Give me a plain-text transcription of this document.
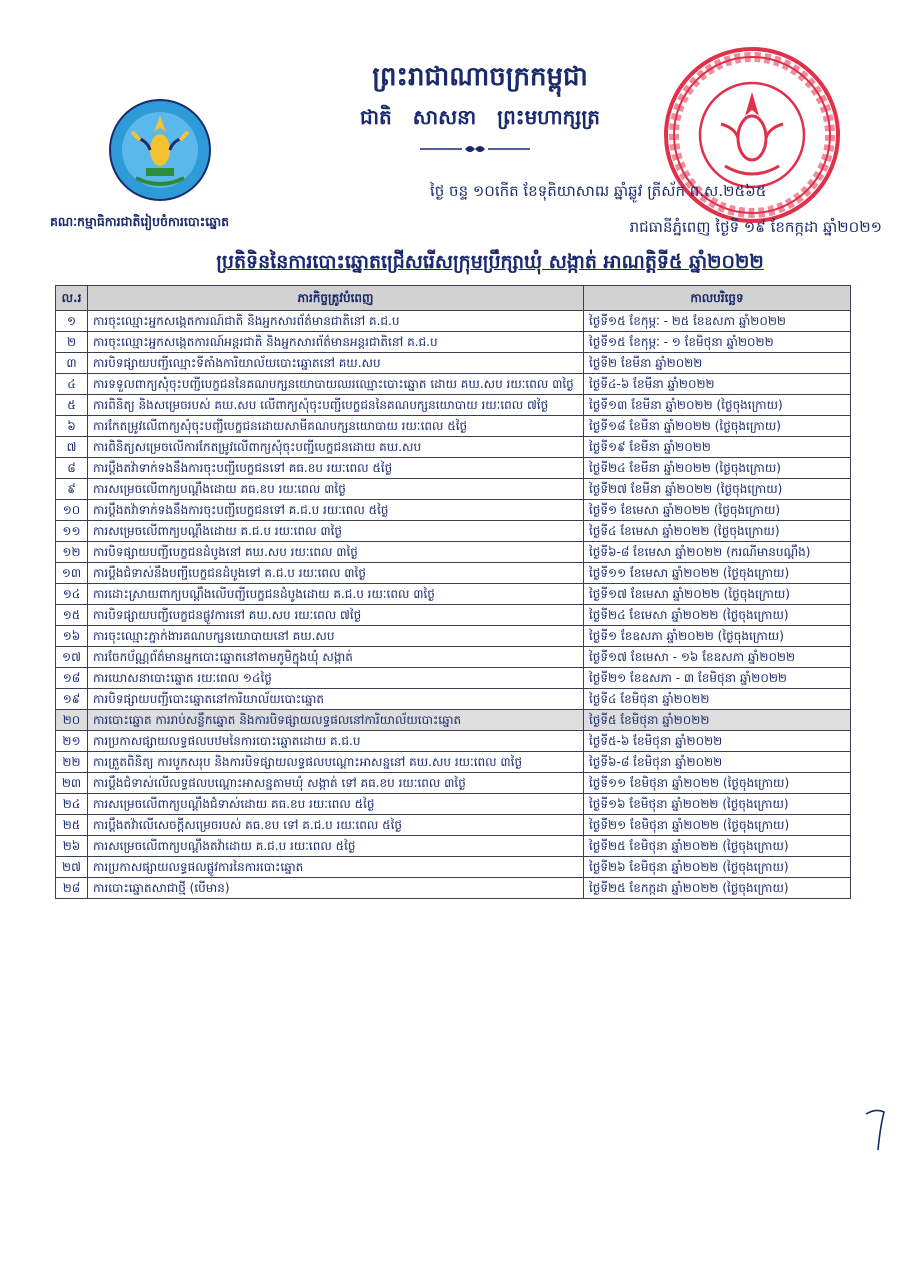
ព្រះរាជាណាចក្រកម្ពុជា
ជាតិ សាសនា ព្រះមហាក្សត្រ
គណៈកម្មាធិការជាតិរៀបចំការបោះឆ្នោត
ថ្ងៃ ចន្ទ ១០កើត ខែទុតិយាសាឍ ឆ្នាំឆ្លូវ ត្រីស័ក ព.ស.២៥៦៥
រាជធានីភ្នំពេញ ថ្ងៃទី ១៩ ខែកក្កដា ឆ្នាំ២០២១
ប្រតិទិននៃការបោះឆ្នោតជ្រើសរើសក្រុមប្រឹក្សាឃុំ សង្កាត់ អាណត្តិទី៥ ឆ្នាំ២០២២
ល.រ	ភារកិច្ចត្រូវបំពេញ	កាលបរិច្ឆេទ
១	ការចុះឈ្មោះអ្នកសង្កេតការណ៍ជាតិ និងអ្នកសារព័ត៌មានជាតិនៅ គ.ជ.ប	ថ្ងៃទី១៥ ខែកុម្ភៈ - ២៥ ខែឧសភា ឆ្នាំ២០២២
២	ការចុះឈ្មោះអ្នកសង្កេតការណ៍អន្តរជាតិ និងអ្នកសារព័ត៌មានអន្តរជាតិនៅ គ.ជ.ប	ថ្ងៃទី១៥ ខែកុម្ភៈ - ១ ខែមិថុនា ឆ្នាំ២០២២
៣	ការបិទផ្សាយបញ្ជីឈ្មោះទីតាំងការិយាល័យបោះឆ្នោតនៅ គឃ.សប	ថ្ងៃទី២ ខែមីនា ឆ្នាំ២០២២
៤	ការទទួលពាក្យសុំចុះបញ្ជីបេក្ខជននៃគណបក្សនយោបាយឈរឈ្មោះបោះឆ្នោត ដោយ គឃ.សប រយៈពេល ៣ថ្ងៃ	ថ្ងៃទី៤-៦ ខែមីនា ឆ្នាំ២០២២
៥	ការពិនិត្យ និងសម្រេចរបស់ គឃ.សប លើពាក្យសុំចុះបញ្ជីបេក្ខជននៃគណបក្សនយោបាយ រយៈពេល ៧ថ្ងៃ	ថ្ងៃទី១៣ ខែមីនា ឆ្នាំ២០២២ (ថ្ងៃចុងក្រោយ)
៦	ការកែតម្រូវលើពាក្យសុំចុះបញ្ជីបេក្ខជនដោយសាមីគណបក្សនយោបាយ រយៈពេល ៥ថ្ងៃ	ថ្ងៃទី១៨ ខែមីនា ឆ្នាំ២០២២ (ថ្ងៃចុងក្រោយ)
៧	ការពិនិត្យសម្រេចលើការកែតម្រូវលើពាក្យសុំចុះបញ្ជីបេក្ខជនដោយ គឃ.សប	ថ្ងៃទី១៩ ខែមីនា ឆ្នាំ២០២២
៨	ការប្តឹងតវ៉ាទាក់ទងនឹងការចុះបញ្ជីបេក្ខជនទៅ គធ.ខប រយៈពេល ៥ថ្ងៃ	ថ្ងៃទី២៤ ខែមីនា ឆ្នាំ២០២២ (ថ្ងៃចុងក្រោយ)
៩	ការសម្រេចលើពាក្យបណ្តឹងដោយ គធ.ខប រយៈពេល ៣ថ្ងៃ	ថ្ងៃទី២៧ ខែមីនា ឆ្នាំ២០២២ (ថ្ងៃចុងក្រោយ)
១០	ការប្តឹងតវ៉ាទាក់ទងនឹងការចុះបញ្ជីបេក្ខជនទៅ គ.ជ.ប រយៈពេល ៥ថ្ងៃ	ថ្ងៃទី១ ខែមេសា ឆ្នាំ២០២២ (ថ្ងៃចុងក្រោយ)
១១	ការសម្រេចលើពាក្យបណ្តឹងដោយ គ.ជ.ប រយៈពេល ៣ថ្ងៃ	ថ្ងៃទី៤ ខែមេសា ឆ្នាំ២០២២ (ថ្ងៃចុងក្រោយ)
១២	ការបិទផ្សាយបញ្ជីបេក្ខជនដំបូងនៅ គឃ.សប រយៈពេល ៣ថ្ងៃ	ថ្ងៃទី៦-៨ ខែមេសា ឆ្នាំ២០២២ (ករណីមានបណ្តឹង)
១៣	ការប្តឹងជំទាស់នឹងបញ្ជីបេក្ខជនដំបូងទៅ គ.ជ.ប រយៈពេល ៣ថ្ងៃ	ថ្ងៃទី១១ ខែមេសា ឆ្នាំ២០២២ (ថ្ងៃចុងក្រោយ)
១៤	ការដោះស្រាយពាក្យបណ្តឹងលើបញ្ជីបេក្ខជនដំបូងដោយ គ.ជ.ប រយៈពេល ៣ថ្ងៃ	ថ្ងៃទី១៧ ខែមេសា ឆ្នាំ២០២២ (ថ្ងៃចុងក្រោយ)
១៥	ការបិទផ្សាយបញ្ជីបេក្ខជនផ្លូវការនៅ គឃ.សប រយៈពេល ៧ថ្ងៃ	ថ្ងៃទី២៤ ខែមេសា ឆ្នាំ២០២២ (ថ្ងៃចុងក្រោយ)
១៦	ការចុះឈ្មោះភ្នាក់ងារគណបក្សនយោបាយនៅ គឃ.សប	ថ្ងៃទី១ ខែឧសភា ឆ្នាំ២០២២ (ថ្ងៃចុងក្រោយ)
១៧	ការចែកប័ណ្ណព័ត៌មានអ្នកបោះឆ្នោតនៅតាមភូមិក្នុងឃុំ សង្កាត់	ថ្ងៃទី១៧ ខែមេសា - ១៦ ខែឧសភា ឆ្នាំ២០២២
១៨	ការឃោសនាបោះឆ្នោត រយៈពេល ១៤ថ្ងៃ	ថ្ងៃទី២១ ខែឧសភា - ៣ ខែមិថុនា ឆ្នាំ២០២២
១៩	ការបិទផ្សាយបញ្ជីបោះឆ្នោតនៅការិយាល័យបោះឆ្នោត	ថ្ងៃទី៤ ខែមិថុនា ឆ្នាំ២០២២
២០	ការបោះឆ្នោត ការរាប់សន្លឹកឆ្នោត និងការបិទផ្សាយលទ្ធផលនៅការិយាល័យបោះឆ្នោត	ថ្ងៃទី៥ ខែមិថុនា ឆ្នាំ២០២២
២១	ការប្រកាសផ្សាយលទ្ធផលបឋមនៃការបោះឆ្នោតដោយ គ.ជ.ប	ថ្ងៃទី៥-៦ ខែមិថុនា ឆ្នាំ២០២២
២២	ការត្រួតពិនិត្យ ការបូកសរុប និងការបិទផ្សាយលទ្ធផលបណ្តោះអាសន្ននៅ គឃ.សប រយៈពេល ៣ថ្ងៃ	ថ្ងៃទី៦-៨ ខែមិថុនា ឆ្នាំ២០២២
២៣	ការប្តឹងជំទាស់លើលទ្ធផលបណ្តោះអាសន្នតាមឃុំ សង្កាត់ ទៅ គធ.ខប រយៈពេល ៣ថ្ងៃ	ថ្ងៃទី១១ ខែមិថុនា ឆ្នាំ២០២២ (ថ្ងៃចុងក្រោយ)
២៤	ការសម្រេចលើពាក្យបណ្តឹងជំទាស់ដោយ គធ.ខប រយៈពេល ៥ថ្ងៃ	ថ្ងៃទី១៦ ខែមិថុនា ឆ្នាំ២០២២ (ថ្ងៃចុងក្រោយ)
២៥	ការប្តឹងតវ៉ាលើសេចក្តីសម្រេចរបស់ គធ.ខប ទៅ គ.ជ.ប រយៈពេល ៥ថ្ងៃ	ថ្ងៃទី២១ ខែមិថុនា ឆ្នាំ២០២២ (ថ្ងៃចុងក្រោយ)
២៦	ការសម្រេចលើពាក្យបណ្តឹងតវ៉ាដោយ គ.ជ.ប រយៈពេល ៥ថ្ងៃ	ថ្ងៃទី២៥ ខែមិថុនា ឆ្នាំ២០២២ (ថ្ងៃចុងក្រោយ)
២៧	ការប្រកាសផ្សាយលទ្ធផលផ្លូវការនៃការបោះឆ្នោត	ថ្ងៃទី២៦ ខែមិថុនា ឆ្នាំ២០២២ (ថ្ងៃចុងក្រោយ)
២៨	ការបោះឆ្នោតសាជាថ្មី (បើមាន)	ថ្ងៃទី២៥ ខែកក្កដា ឆ្នាំ២០២២ (ថ្ងៃចុងក្រោយ)
